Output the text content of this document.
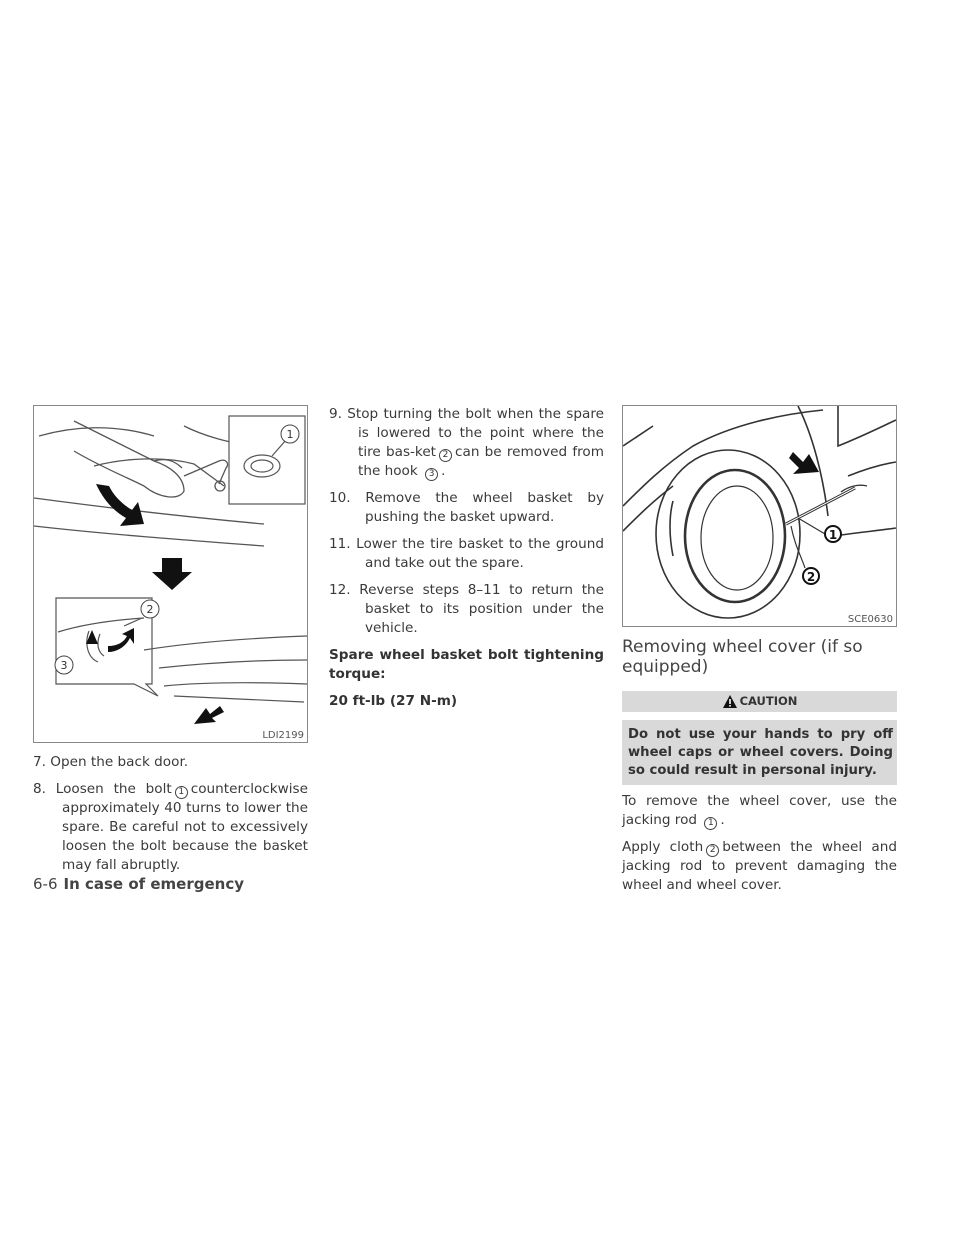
1
2
3
LDI2199

7. Open the back door.

8. Loosen the bolt 1 counterclockwise approximately 40 turns to lower the spare. Be careful not to excessively loosen the bolt because the basket may fall abruptly.

9. Stop turning the bolt when the spare is lowered to the point where the tire bas-ket 2 can be removed from the hook 3 .

10. Remove the wheel basket by pushing the basket upward.

11. Lower the tire basket to the ground and take out the spare.

12. Reverse steps 8–11 to return the basket to its position under the vehicle.

Spare wheel basket bolt tightening torque:

20 ft-lb (27 N-m)

1
2
SCE0630
Removing wheel cover (if so equipped)
CAUTION
Do not use your hands to pry off wheel caps or wheel covers. Doing so could result in personal injury.

To remove the wheel cover, use the jacking rod 1 .

Apply cloth 2 between the wheel and jacking rod to prevent damaging the wheel and wheel cover.

6-6 In case of emergency
